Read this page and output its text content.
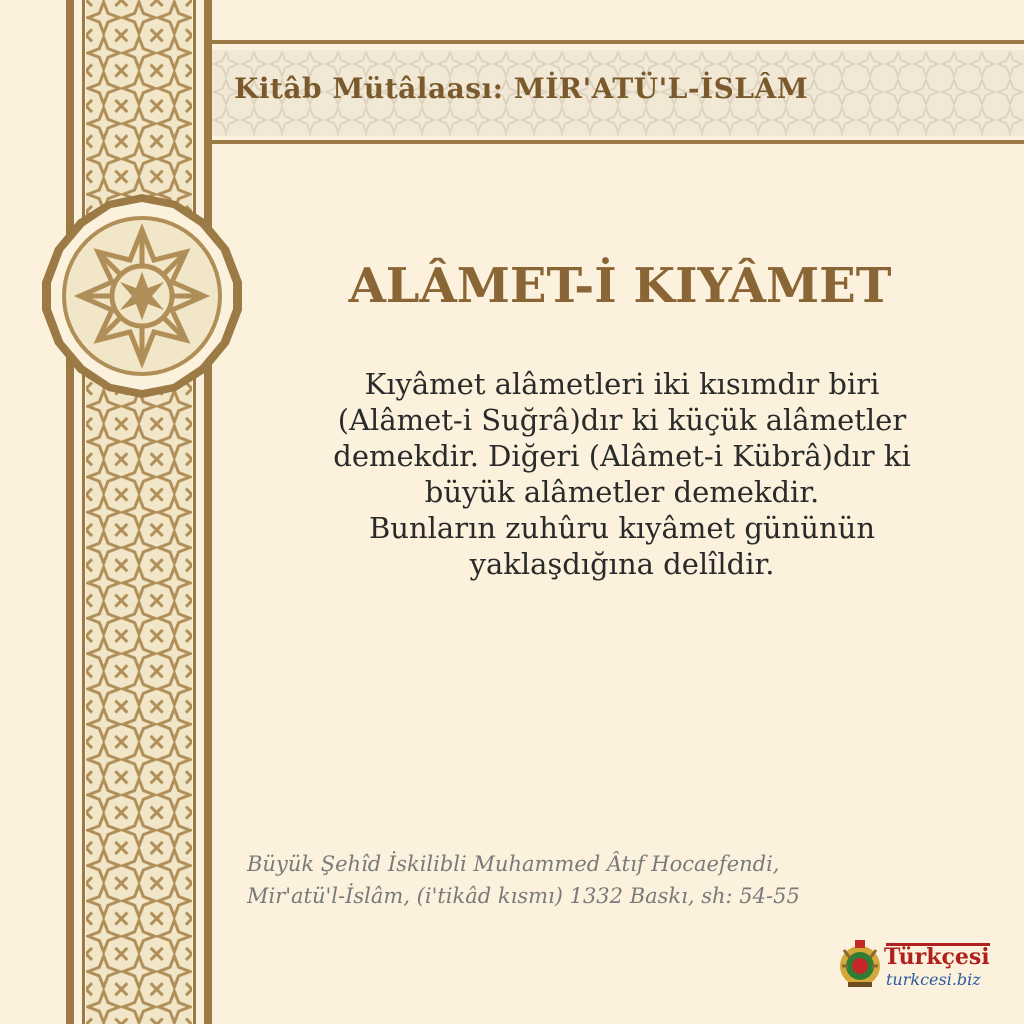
Kitâb Mütâlaası: MİR'ATÜ'L-İSLÂM
ALÂMET-İ KIYÂMET
Kıyâmet alâmetleri iki kısımdır biri
(Alâmet-i Suğrâ)dır ki küçük alâmetler
demekdir. Diğeri (Alâmet-i Kübrâ)dır ki
büyük alâmetler demekdir.
Bunların zuhûru kıyâmet gününün
yaklaşdığına delîldir.
Büyük Şehîd İskilibli Muhammed Âtıf Hocaefendi,
Mir'atü'l-İslâm, (i'tikâd kısmı) 1332 Baskı, sh: 54-55
Türkçesi
turkcesi.biz
